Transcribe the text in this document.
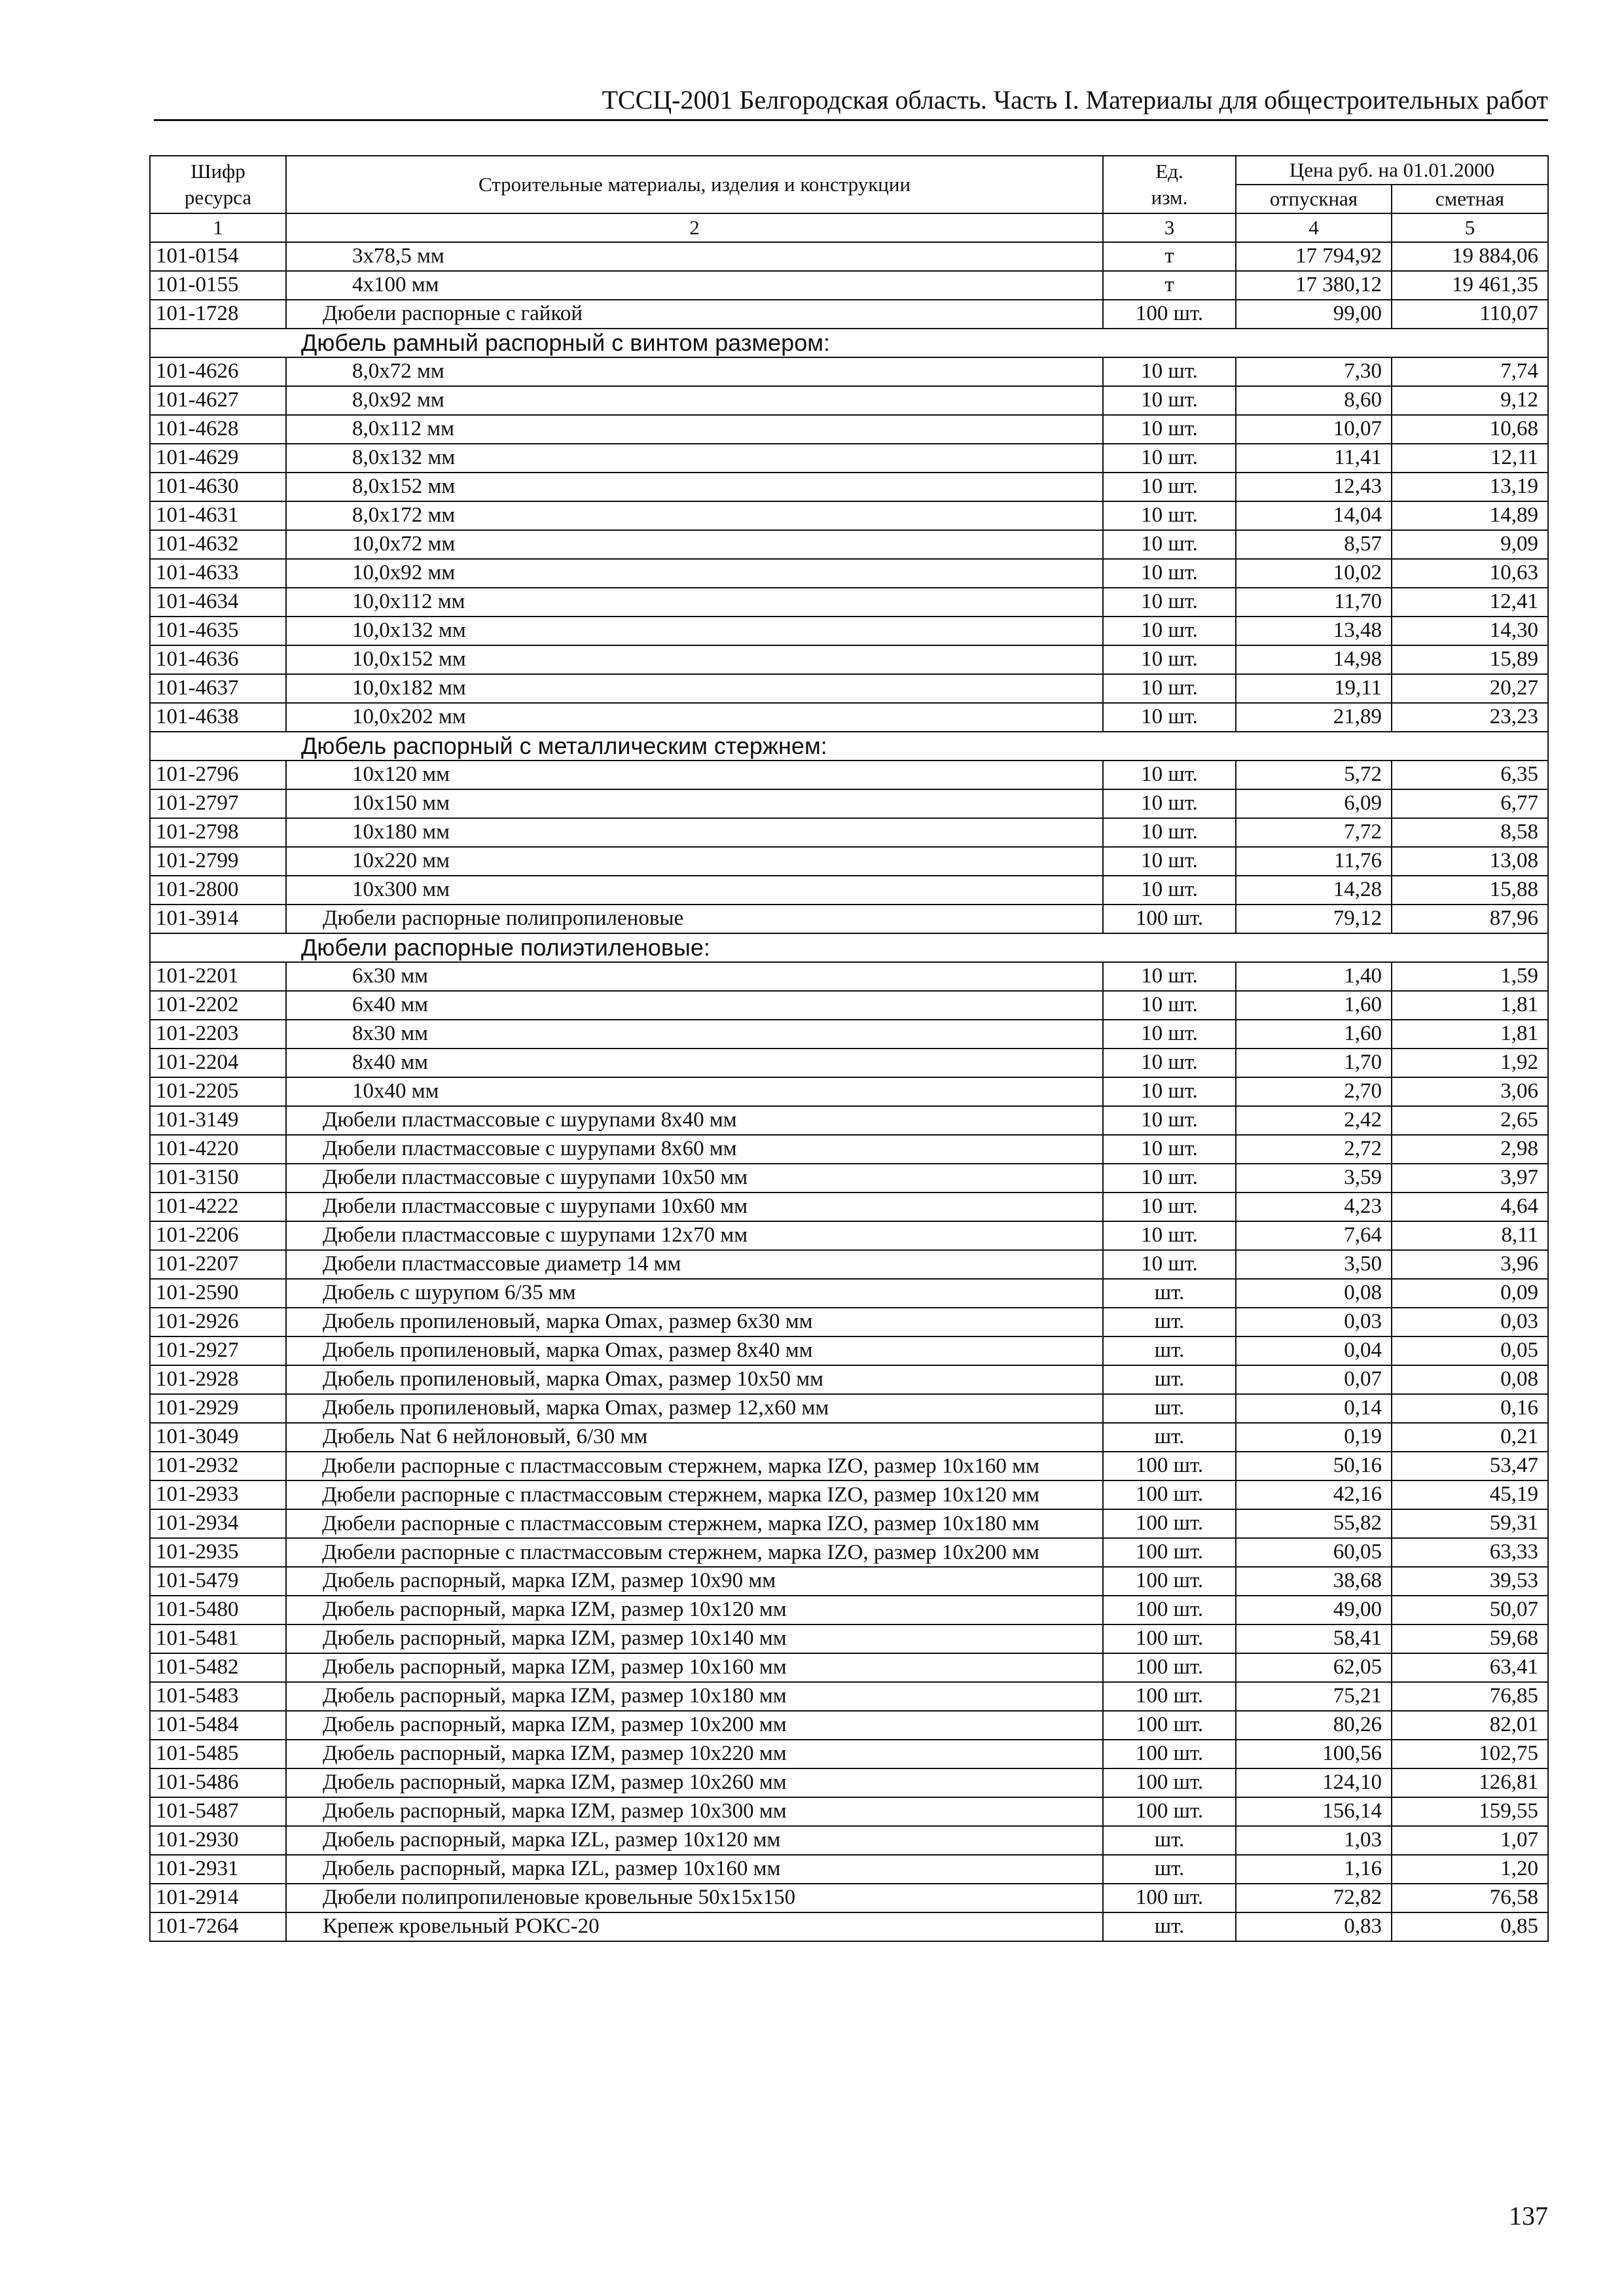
ТССЦ-2001 Белгородская область. Часть I. Материалы для общестроительных работ
Шифр ресурса	Строительные материалы, изделия и конструкции	Ед. изм.	Цена руб. на 01.01.2000	
			отпускная	сметная
1	2	3	4	5
101-0154	3х78,5 мм	т	17 794,92	19 884,06
101-0155	4х100 мм	т	17 380,12	19 461,35
101-1728	Дюбели распорные с гайкой	100 шт.	99,00	110,07
Дюбель рамный распорный с винтом размером:				
101-4626	8,0х72 мм	10 шт.	7,30	7,74
101-4627	8,0х92 мм	10 шт.	8,60	9,12
101-4628	8,0х112 мм	10 шт.	10,07	10,68
101-4629	8,0х132 мм	10 шт.	11,41	12,11
101-4630	8,0х152 мм	10 шт.	12,43	13,19
101-4631	8,0х172 мм	10 шт.	14,04	14,89
101-4632	10,0х72 мм	10 шт.	8,57	9,09
101-4633	10,0х92 мм	10 шт.	10,02	10,63
101-4634	10,0х112 мм	10 шт.	11,70	12,41
101-4635	10,0х132 мм	10 шт.	13,48	14,30
101-4636	10,0х152 мм	10 шт.	14,98	15,89
101-4637	10,0х182 мм	10 шт.	19,11	20,27
101-4638	10,0х202 мм	10 шт.	21,89	23,23
Дюбель распорный с металлическим стержнем:				
101-2796	10х120 мм	10 шт.	5,72	6,35
101-2797	10х150 мм	10 шт.	6,09	6,77
101-2798	10х180 мм	10 шт.	7,72	8,58
101-2799	10х220 мм	10 шт.	11,76	13,08
101-2800	10х300 мм	10 шт.	14,28	15,88
101-3914	Дюбели распорные полипропиленовые	100 шт.	79,12	87,96
Дюбели распорные полиэтиленовые:				
101-2201	6х30 мм	10 шт.	1,40	1,59
101-2202	6х40 мм	10 шт.	1,60	1,81
101-2203	8х30 мм	10 шт.	1,60	1,81
101-2204	8х40 мм	10 шт.	1,70	1,92
101-2205	10х40 мм	10 шт.	2,70	3,06
101-3149	Дюбели пластмассовые с шурупами 8х40 мм	10 шт.	2,42	2,65
101-4220	Дюбели пластмассовые с шурупами 8х60 мм	10 шт.	2,72	2,98
101-3150	Дюбели пластмассовые с шурупами 10х50 мм	10 шт.	3,59	3,97
101-4222	Дюбели пластмассовые с шурупами 10х60 мм	10 шт.	4,23	4,64
101-2206	Дюбели пластмассовые с шурупами 12х70 мм	10 шт.	7,64	8,11
101-2207	Дюбели пластмассовые диаметр 14 мм	10 шт.	3,50	3,96
101-2590	Дюбель с шурупом 6/35 мм	шт.	0,08	0,09
101-2926	Дюбель пропиленовый, марка Omax, размер 6х30 мм	шт.	0,03	0,03
101-2927	Дюбель пропиленовый, марка Omax, размер 8х40 мм	шт.	0,04	0,05
101-2928	Дюбель пропиленовый, марка Omax, размер 10х50 мм	шт.	0,07	0,08
101-2929	Дюбель пропиленовый, марка Omax, размер 12,х60 мм	шт.	0,14	0,16
101-3049	Дюбель Nat 6 нейлоновый, 6/30 мм	шт.	0,19	0,21
101-2932	Дюбели распорные с пластмассовым стержнем, марка IZO, размер 10х160 мм	100 шт.	50,16	53,47
101-2933	Дюбели распорные с пластмассовым стержнем, марка IZO, размер 10х120 мм	100 шт.	42,16	45,19
101-2934	Дюбели распорные с пластмассовым стержнем, марка IZO, размер 10х180 мм	100 шт.	55,82	59,31
101-2935	Дюбели распорные с пластмассовым стержнем, марка IZO, размер 10х200 мм	100 шт.	60,05	63,33
101-5479	Дюбель распорный, марка IZM, размер 10х90 мм	100 шт.	38,68	39,53
101-5480	Дюбель распорный, марка IZM, размер 10х120 мм	100 шт.	49,00	50,07
101-5481	Дюбель распорный, марка IZM, размер 10х140 мм	100 шт.	58,41	59,68
101-5482	Дюбель распорный, марка IZM, размер 10х160 мм	100 шт.	62,05	63,41
101-5483	Дюбель распорный, марка IZM, размер 10х180 мм	100 шт.	75,21	76,85
101-5484	Дюбель распорный, марка IZM, размер 10х200 мм	100 шт.	80,26	82,01
101-5485	Дюбель распорный, марка IZM, размер 10х220 мм	100 шт.	100,56	102,75
101-5486	Дюбель распорный, марка IZM, размер 10х260 мм	100 шт.	124,10	126,81
101-5487	Дюбель распорный, марка IZM, размер 10х300 мм	100 шт.	156,14	159,55
101-2930	Дюбель распорный, марка IZL, размер 10х120 мм	шт.	1,03	1,07
101-2931	Дюбель распорный, марка IZL, размер 10х160 мм	шт.	1,16	1,20
101-2914	Дюбели полипропиленовые кровельные 50х15х150	100 шт.	72,82	76,58
101-7264	Крепеж кровельный РОКС-20	шт.	0,83	0,85
137
